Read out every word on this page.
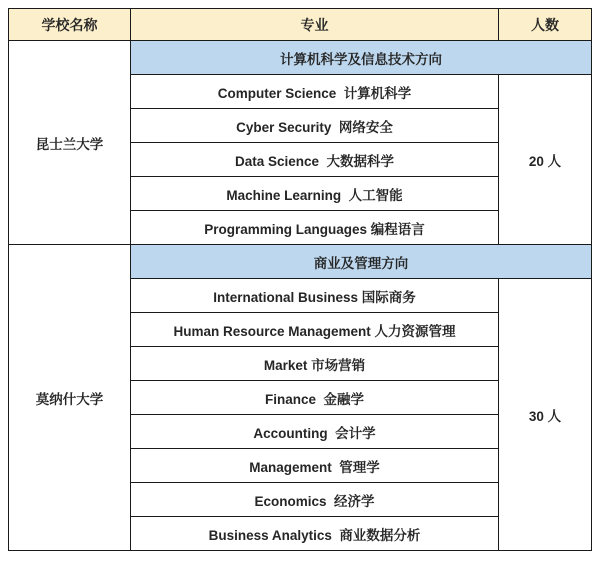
学校名称	专业	人数
昆士兰大学	计算机科学及信息技术方向	
	Computer Science  计算机科学	20 人
	Cyber Security  网络安全	
	Data Science  大数据科学	
	Machine Learning  人工智能	
	Programming Languages 编程语言	
莫纳什大学	商业及管理方向	
	International Business 国际商务	30 人
	Human Resource Management 人力资源管理	
	Market 市场营销	
	Finance  金融学	
	Accounting  会计学	
	Management  管理学	
	Economics  经济学	
	Business Analytics  商业数据分析	
